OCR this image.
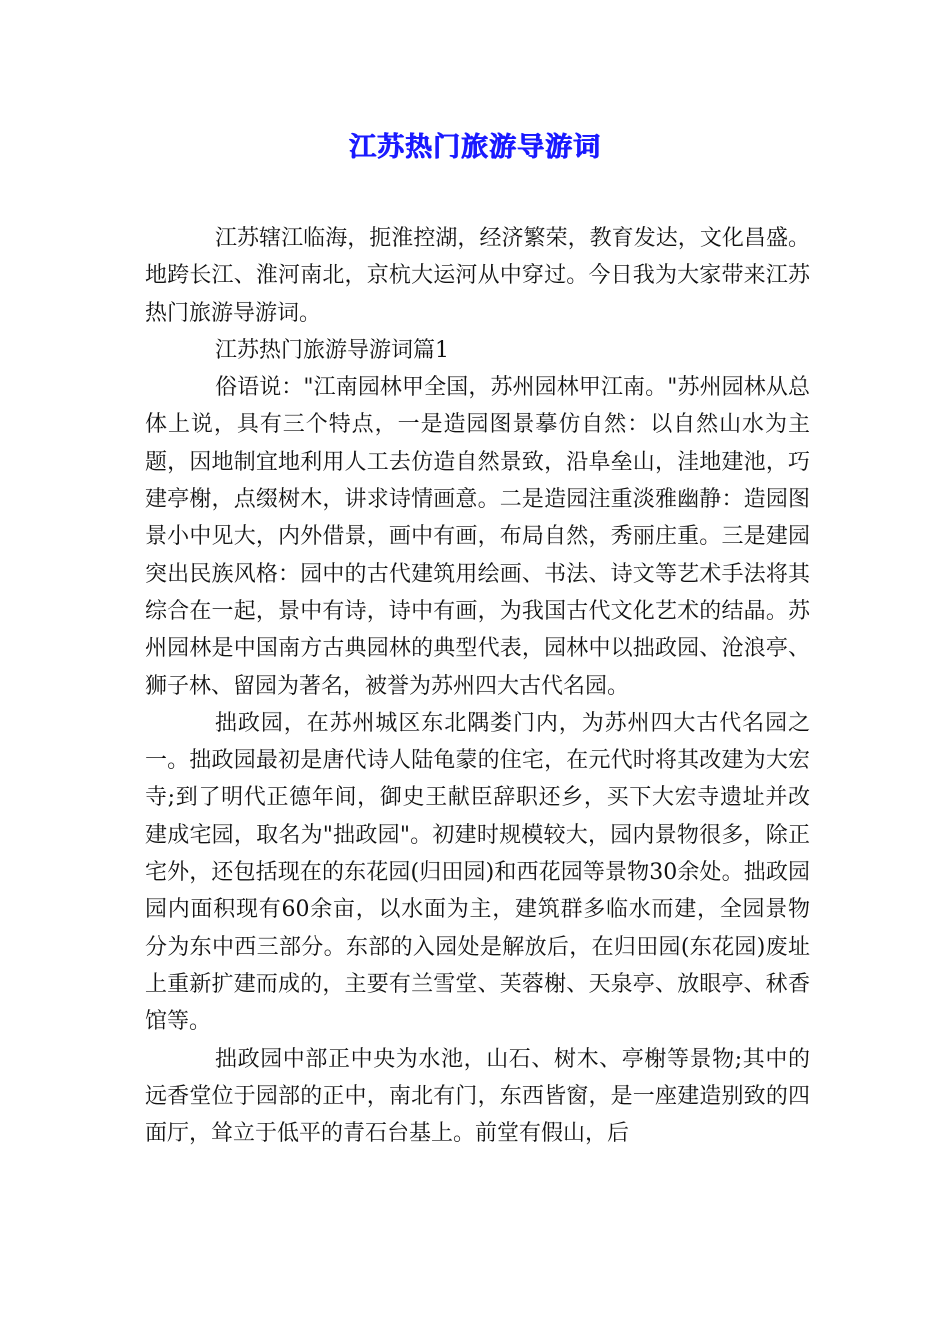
江苏热门旅游导游词

江苏辖江临海，扼淮控湖，经济繁荣，教育发达，文化昌盛。地跨长江、淮河南北，京杭大运河从中穿过。今日我为大家带来江苏热门旅游导游词。

江苏热门旅游导游词篇1

俗语说："江南园林甲全国，苏州园林甲江南。"苏州园林从总体上说，具有三个特点，一是造园图景摹仿自然：以自然山水为主题，因地制宜地利用人工去仿造自然景致，沿阜垒山，洼地建池，巧建亭榭，点缀树木，讲求诗情画意。二是造园注重淡雅幽静：造园图景小中见大，内外借景，画中有画，布局自然，秀丽庄重。三是建园突出民族风格：园中的古代建筑用绘画、书法、诗文等艺术手法将其综合在一起，景中有诗，诗中有画，为我国古代文化艺术的结晶。苏州园林是中国南方古典园林的典型代表，园林中以拙政园、沧浪亭、狮子林、留园为著名，被誉为苏州四大古代名园。

拙政园，在苏州城区东北隅娄门内，为苏州四大古代名园之一。拙政园最初是唐代诗人陆龟蒙的住宅，在元代时将其改建为大宏寺;到了明代正德年间，御史王献臣辞职还乡，买下大宏寺遗址并改建成宅园，取名为"拙政园"。初建时规模较大，园内景物很多，除正宅外，还包括现在的东花园(归田园)和西花园等景物30余处。拙政园园内面积现有60余亩，以水面为主，建筑群多临水而建，全园景物分为东中西三部分。东部的入园处是解放后，在归田园(东花园)废址上重新扩建而成的，主要有兰雪堂、芙蓉榭、天泉亭、放眼亭、秫香馆等。

拙政园中部正中央为水池，山石、树木、亭榭等景物;其中的远香堂位于园部的正中，南北有门，东西皆窗，是一座建造别致的四面厅，耸立于低平的青石台基上。前堂有假山，后
